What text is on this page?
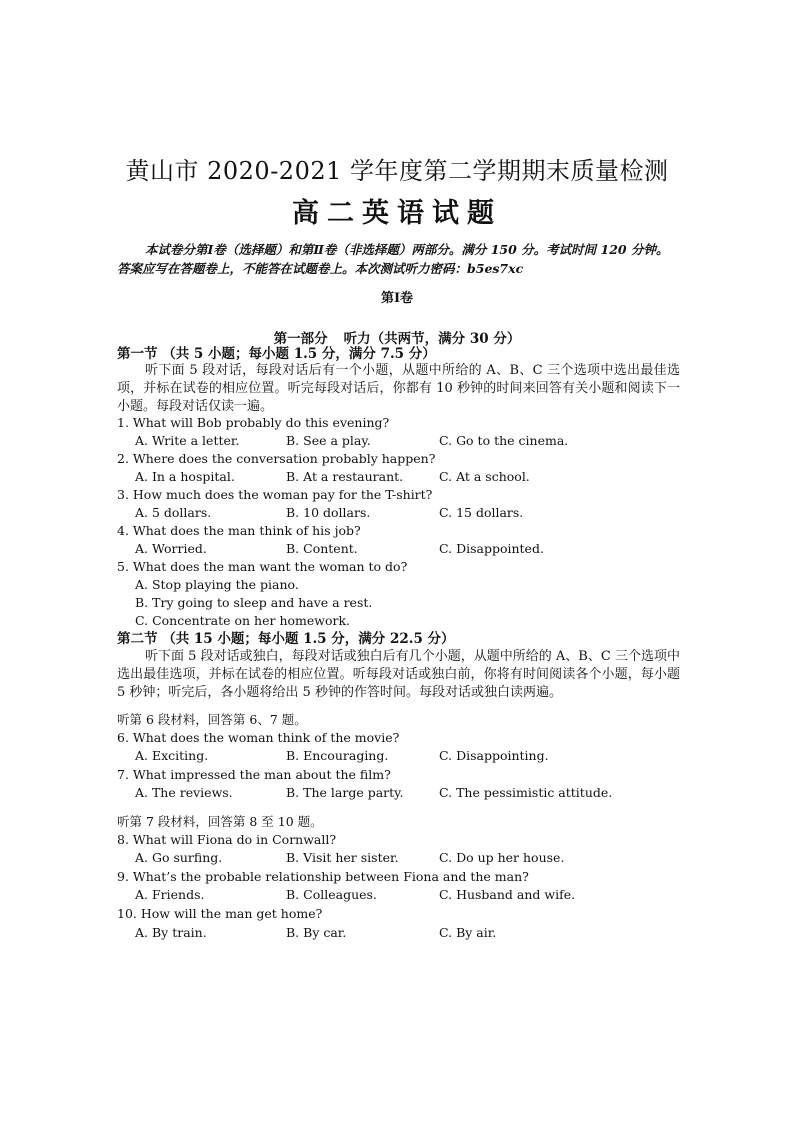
黄山市 2020-2021 学年度第二学期期末质量检测
高二英语试题
本试卷分第Ⅰ卷（选择题）和第Ⅱ卷（非选择题）两部分。满分 150 分。考试时间 120 分钟。答案应写在答题卷上，不能答在试题卷上。本次测试听力密码：b5es7xc
第Ⅰ卷
第一部分 听力（共两节，满分 30 分）
第一节 （共 5 小题；每小题 1.5 分，满分 7.5 分）
听下面 5 段对话，每段对话后有一个小题，从题中所给的 A、B、C 三个选项中选出最佳选项，并标在试卷的相应位置。听完每段对话后，你都有 10 秒钟的时间来回答有关小题和阅读下一小题。每段对话仅读一遍。
1. What will Bob probably do this evening?
A. Write a letter.	B. See a play.	C. Go to the cinema.
2. Where does the conversation probably happen?
A. In a hospital.	B. At a restaurant.	C. At a school.
3. How much does the woman pay for the T-shirt?
A. 5 dollars.	B. 10 dollars.	C. 15 dollars.
4. What does the man think of his job?
A. Worried.	B. Content.	C. Disappointed.
5. What does the man want the woman to do?
A. Stop playing the piano.
B. Try going to sleep and have a rest.
C. Concentrate on her homework.
第二节 （共 15 小题；每小题 1.5 分，满分 22.5 分）
听下面 5 段对话或独白，每段对话或独白后有几个小题，从题中所给的 A、B、C 三个选项中选出最佳选项，并标在试卷的相应位置。听每段对话或独白前，你将有时间阅读各个小题，每小题 5 秒钟；听完后，各小题将给出 5 秒钟的作答时间。每段对话或独白读两遍。
听第 6 段材料，回答第 6、7 题。
6. What does the woman think of the movie?
A. Exciting.	B. Encouraging.	C. Disappointing.
7. What impressed the man about the film?
A. The reviews.	B. The large party.	C. The pessimistic attitude.
听第 7 段材料，回答第 8 至 10 题。
8. What will Fiona do in Cornwall?
A. Go surfing.	B. Visit her sister.	C. Do up her house.
9. What’s the probable relationship between Fiona and the man?
A. Friends.	B. Colleagues.	C. Husband and wife.
10. How will the man get home?
A. By train.	B. By car.	C. By air.
